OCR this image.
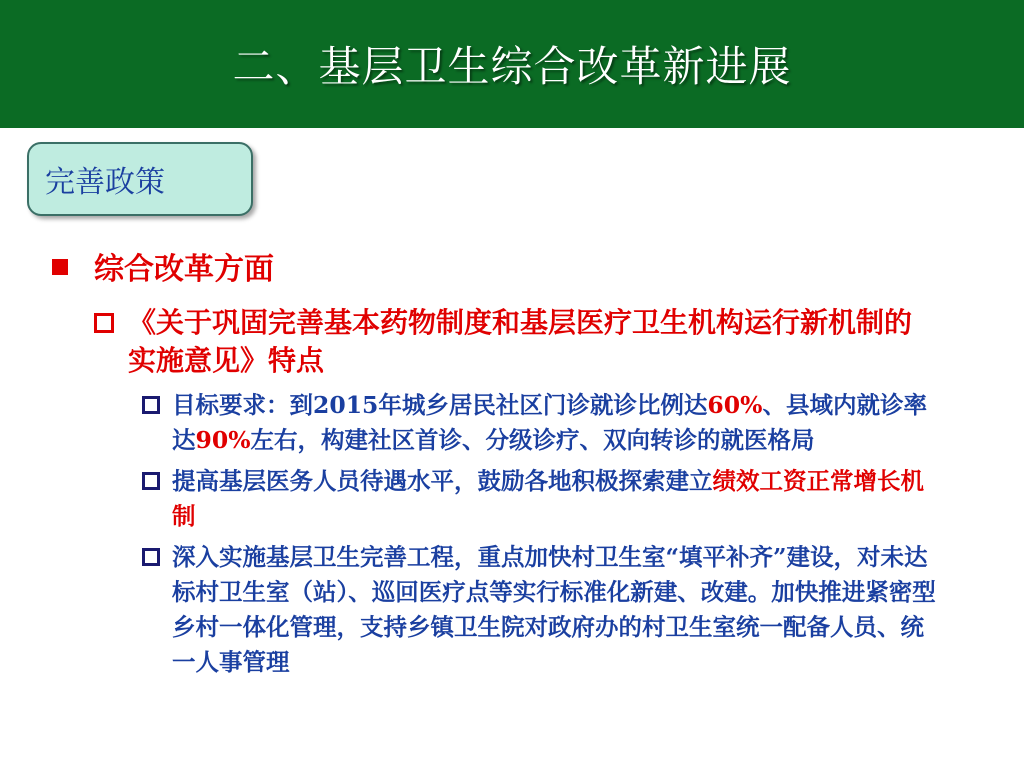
二、基层卫生综合改革新进展
完善政策
综合改革方面
《关于巩固完善基本药物制度和基层医疗卫生机构运行新机制的实施意见》特点
目标要求：到2015年城乡居民社区门诊就诊比例达60%、县域内就诊率达90%左右，构建社区首诊、分级诊疗、双向转诊的就医格局
提高基层医务人员待遇水平，鼓励各地积极探索建立绩效工资正常增长机制
深入实施基层卫生完善工程，重点加快村卫生室“填平补齐”建设，对未达标村卫生室（站）、巡回医疗点等实行标准化新建、改建。加快推进紧密型乡村一体化管理，支持乡镇卫生院对政府办的村卫生室统一配备人员、统一人事管理
